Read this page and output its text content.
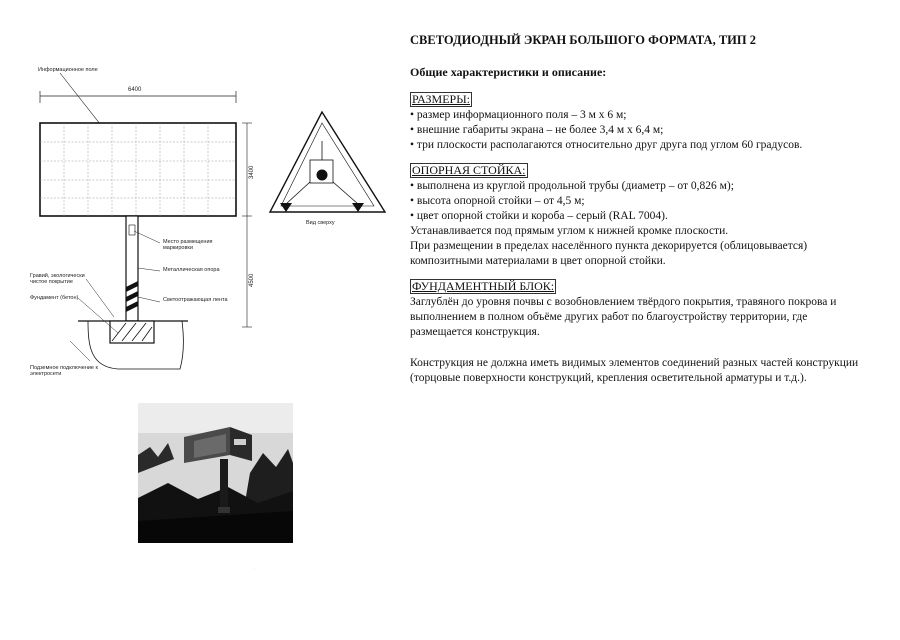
Информационное поле
6400
3400
4500
Место размещения маркировки
Металлическая опора
Гравий, экологически чистое покрытие
Фундамент (бетон)	Светоотражающая лента
Подземное подключение к электросети
Вид сверху
·
СВЕТОДИОДНЫЙ ЭКРАН БОЛЬШОГО ФОРМАТА, ТИП 2
Общие характеристики и описание:
РАЗМЕРЫ:

• размер информационного поля – 3 м х 6 м;

• внешние габариты экрана – не более 3,4 м х 6,4 м;

• три плоскости располагаются относительно друг друга под углом 60 градусов.

ОПОРНАЯ СТОЙКА:

• выполнена из круглой продольной трубы (диаметр – от 0,826 м);

• высота опорной стойки – от 4,5 м;

• цвет опорной стойки и короба – серый (RAL 7004).

Устанавливается под прямым углом к нижней кромке плоскости.

При размещении в пределах населённого пункта декорируется (облицовывается) композитными материалами в цвет опорной стойки.

ФУНДАМЕНТНЫЙ БЛОК:

Заглублён до уровня почвы с возобновлением твёрдого покрытия, травяного покрова и выполнением в полном объёме других работ по благоустройству территории, где размещается конструкция.

Конструкция не должна иметь видимых элементов соединений разных частей конструкции (торцовые поверхности конструкций, крепления осветительной арматуры и т.д.).
